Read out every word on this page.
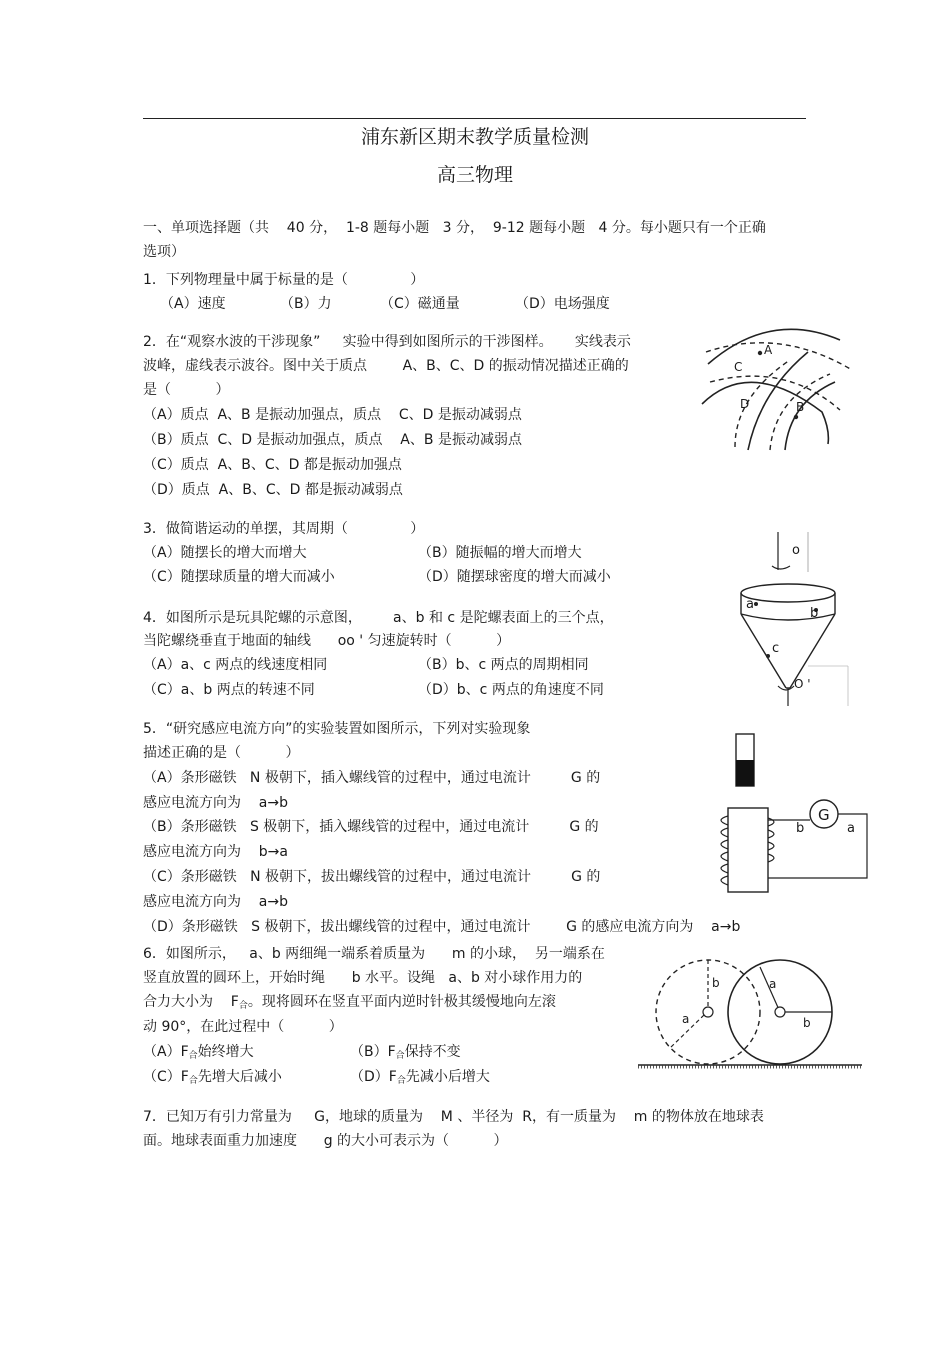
浦东新区期末教学质量检测
高三物理
一、单项选择题（共    40 分，  1-8 题每小题   3 分，  9-12 题每小题   4 分。每小题只有一个正确
选项）
1．下列物理量中属于标量的是（              ）
（A）速度	（B）力	（C）磁通量	（D）电场强度
2．在“观察水波的干涉现象”     实验中得到如图所示的干涉图样。     实线表示
波峰，虚线表示波谷。图中关于质点        A、B、C、D 的振动情况描述正确的
是（          ）
（A）质点  A、B 是振动加强点，质点    C、D 是振动减弱点
（B）质点  C、D 是振动加强点，质点    A、B 是振动减弱点
（C）质点  A、B、C、D 都是振动加强点
（D）质点  A、B、C、D 都是振动减弱点
A
C
D	B
3．做简谐运动的单摆，其周期（              ）
（A）随摆长的增大而增大	（B）随振幅的增大而增大
（C）随摆球质量的增大而减小	（D）随摆球密度的增大而减小
4．如图所示是玩具陀螺的示意图，       a、b 和 c 是陀螺表面上的三个点，
当陀螺绕垂直于地面的轴线      oo ' 匀速旋转时（          ）
（A）a、c 两点的线速度相同	（B）b、c 两点的周期相同
（C）a、b 两点的转速不同	（D）b、c 两点的角速度不同
o
a
b
c
O '
5．“研究感应电流方向”的实验装置如图所示，下列对实验现象
描述正确的是（          ）
（A）条形磁铁   N 极朝下，插入螺线管的过程中，通过电流计         G 的
感应电流方向为    a→b
（B）条形磁铁   S 极朝下，插入螺线管的过程中，通过电流计         G 的
感应电流方向为    b→a
（C）条形磁铁   N 极朝下，拔出螺线管的过程中，通过电流计         G 的
感应电流方向为    a→b
（D）条形磁铁   S 极朝下，拔出螺线管的过程中，通过电流计        G 的感应电流方向为    a→b
G
b	a
6．如图所示，   a、b 两细绳一端系着质量为      m 的小球，  另一端系在
竖直放置的圆环上，开始时绳      b 水平。设绳   a、b 对小球作用力的
合力大小为    $F_合$。现将圆环在竖直平面内逆时针极其缓慢地向左滚
动 90°，在此过程中（          ）
$(A)F_合$始终增大	$(B)F_合$保持不变
$(C)F_合$先增大后减小	$(D)F_合$先减小后增大
b
a
a
b
7．已知万有引力常量为     G，地球的质量为    M 、半径为  R，有一质量为    m 的物体放在地球表
面。地球表面重力加速度      g 的大小可表示为（          ）
